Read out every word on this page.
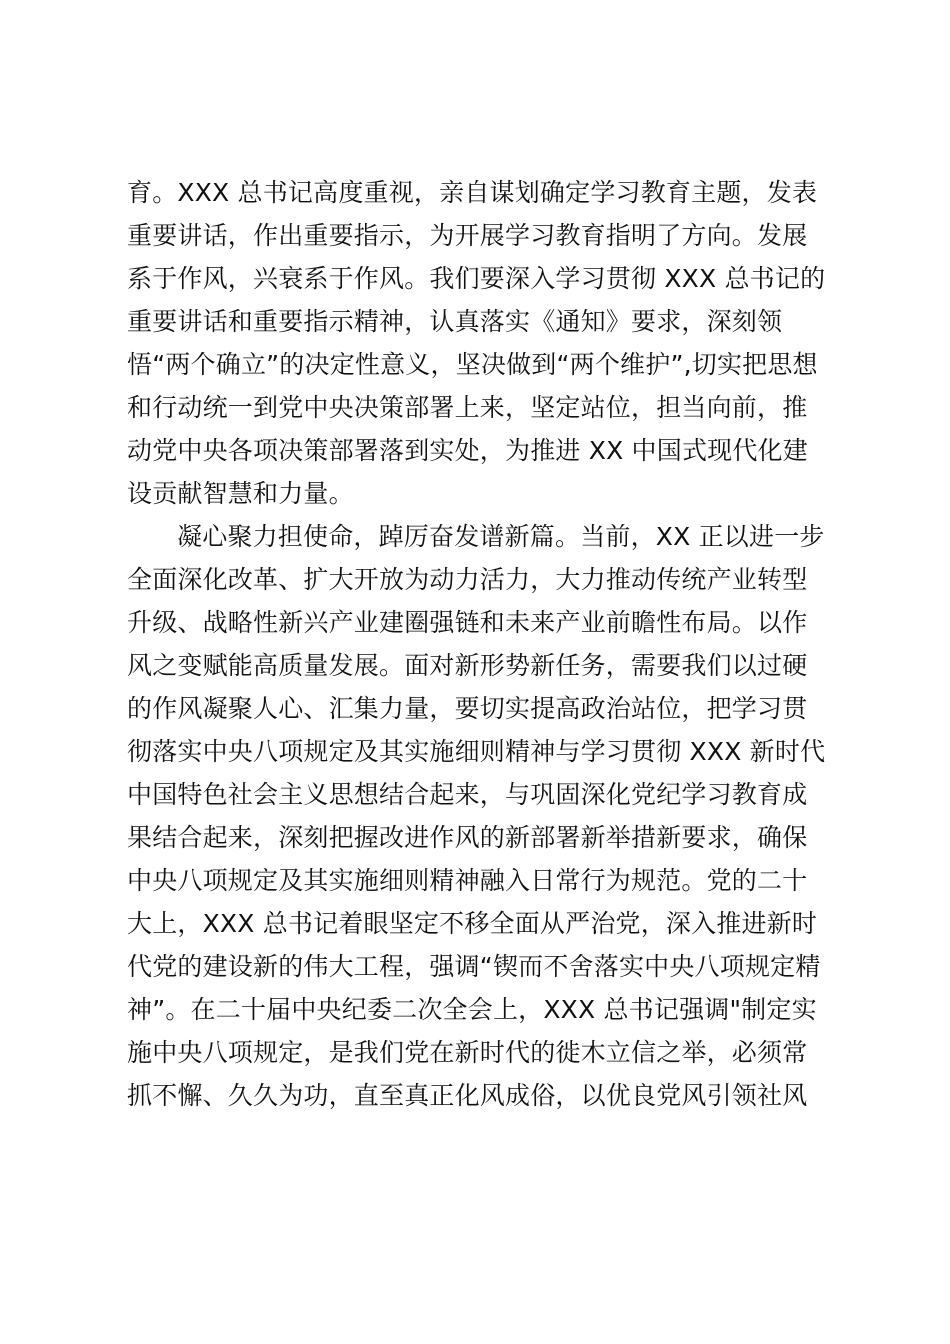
育。XXX 总书记高度重视，亲自谋划确定学习教育主题，发表
重要讲话，作出重要指示，为开展学习教育指明了方向。发展
系于作风，兴衰系于作风。我们要深入学习贯彻 XXX 总书记的
重要讲话和重要指示精神，认真落实《通知》要求，深刻领
悟“两个确立”的决定性意义，坚决做到“两个维护”,切实把思想
和行动统一到党中央决策部署上来，坚定站位，担当向前，推
动党中央各项决策部署落到实处，为推进 XX 中国式现代化建
设贡献智慧和力量。
凝心聚力担使命，踔厉奋发谱新篇。当前，XX 正以进一步
全面深化改革、扩大开放为动力活力，大力推动传统产业转型
升级、战略性新兴产业建圈强链和未来产业前瞻性布局。以作
风之变赋能高质量发展。面对新形势新任务，需要我们以过硬
的作风凝聚人心、汇集力量，要切实提高政治站位，把学习贯
彻落实中央八项规定及其实施细则精神与学习贯彻 XXX 新时代
中国特色社会主义思想结合起来，与巩固深化党纪学习教育成
果结合起来，深刻把握改进作风的新部署新举措新要求，确保
中央八项规定及其实施细则精神融入日常行为规范。党的二十
大上，XXX 总书记着眼坚定不移全面从严治党，深入推进新时
代党的建设新的伟大工程，强调“锲而不舍落实中央八项规定精
神”。在二十届中央纪委二次全会上，XXX 总书记强调"制定实
施中央八项规定，是我们党在新时代的徙木立信之举，必须常
抓不懈、久久为功，直至真正化风成俗，以优良党风引领社风
